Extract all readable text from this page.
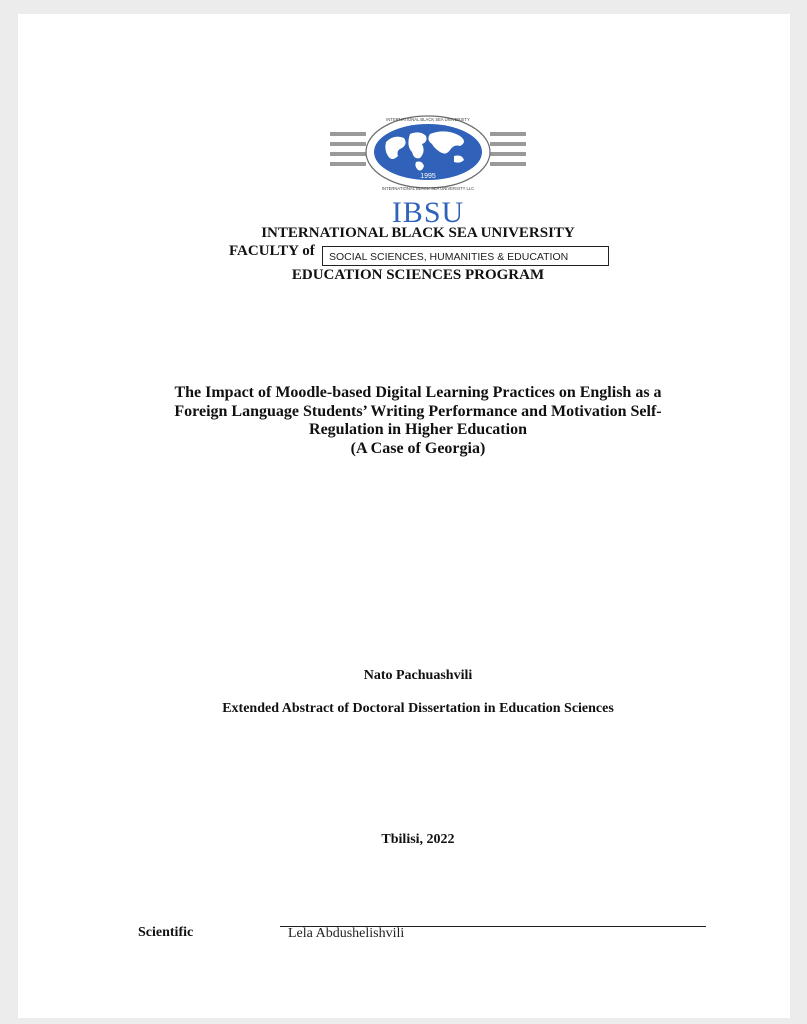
1995
INTERNATIONAL BLACK SEA UNIVERSITY
INTERNATIONAL BLACK SEA UNIVERSITY LLC
IBSU
INTERNATIONAL BLACK SEA UNIVERSITY
FACULTY of	SOCIAL SCIENCES, HUMANITIES & EDUCATION
EDUCATION SCIENCES PROGRAM
The Impact of Moodle-based Digital Learning Practices on English as a
Foreign Language Students’ Writing Performance and Motivation Self-
Regulation in Higher Education
(A Case of Georgia)
Nato Pachuashvili
Extended Abstract of Doctoral Dissertation in Education Sciences
Tbilisi, 2022
Scientific	Lela Abdushelishvili
